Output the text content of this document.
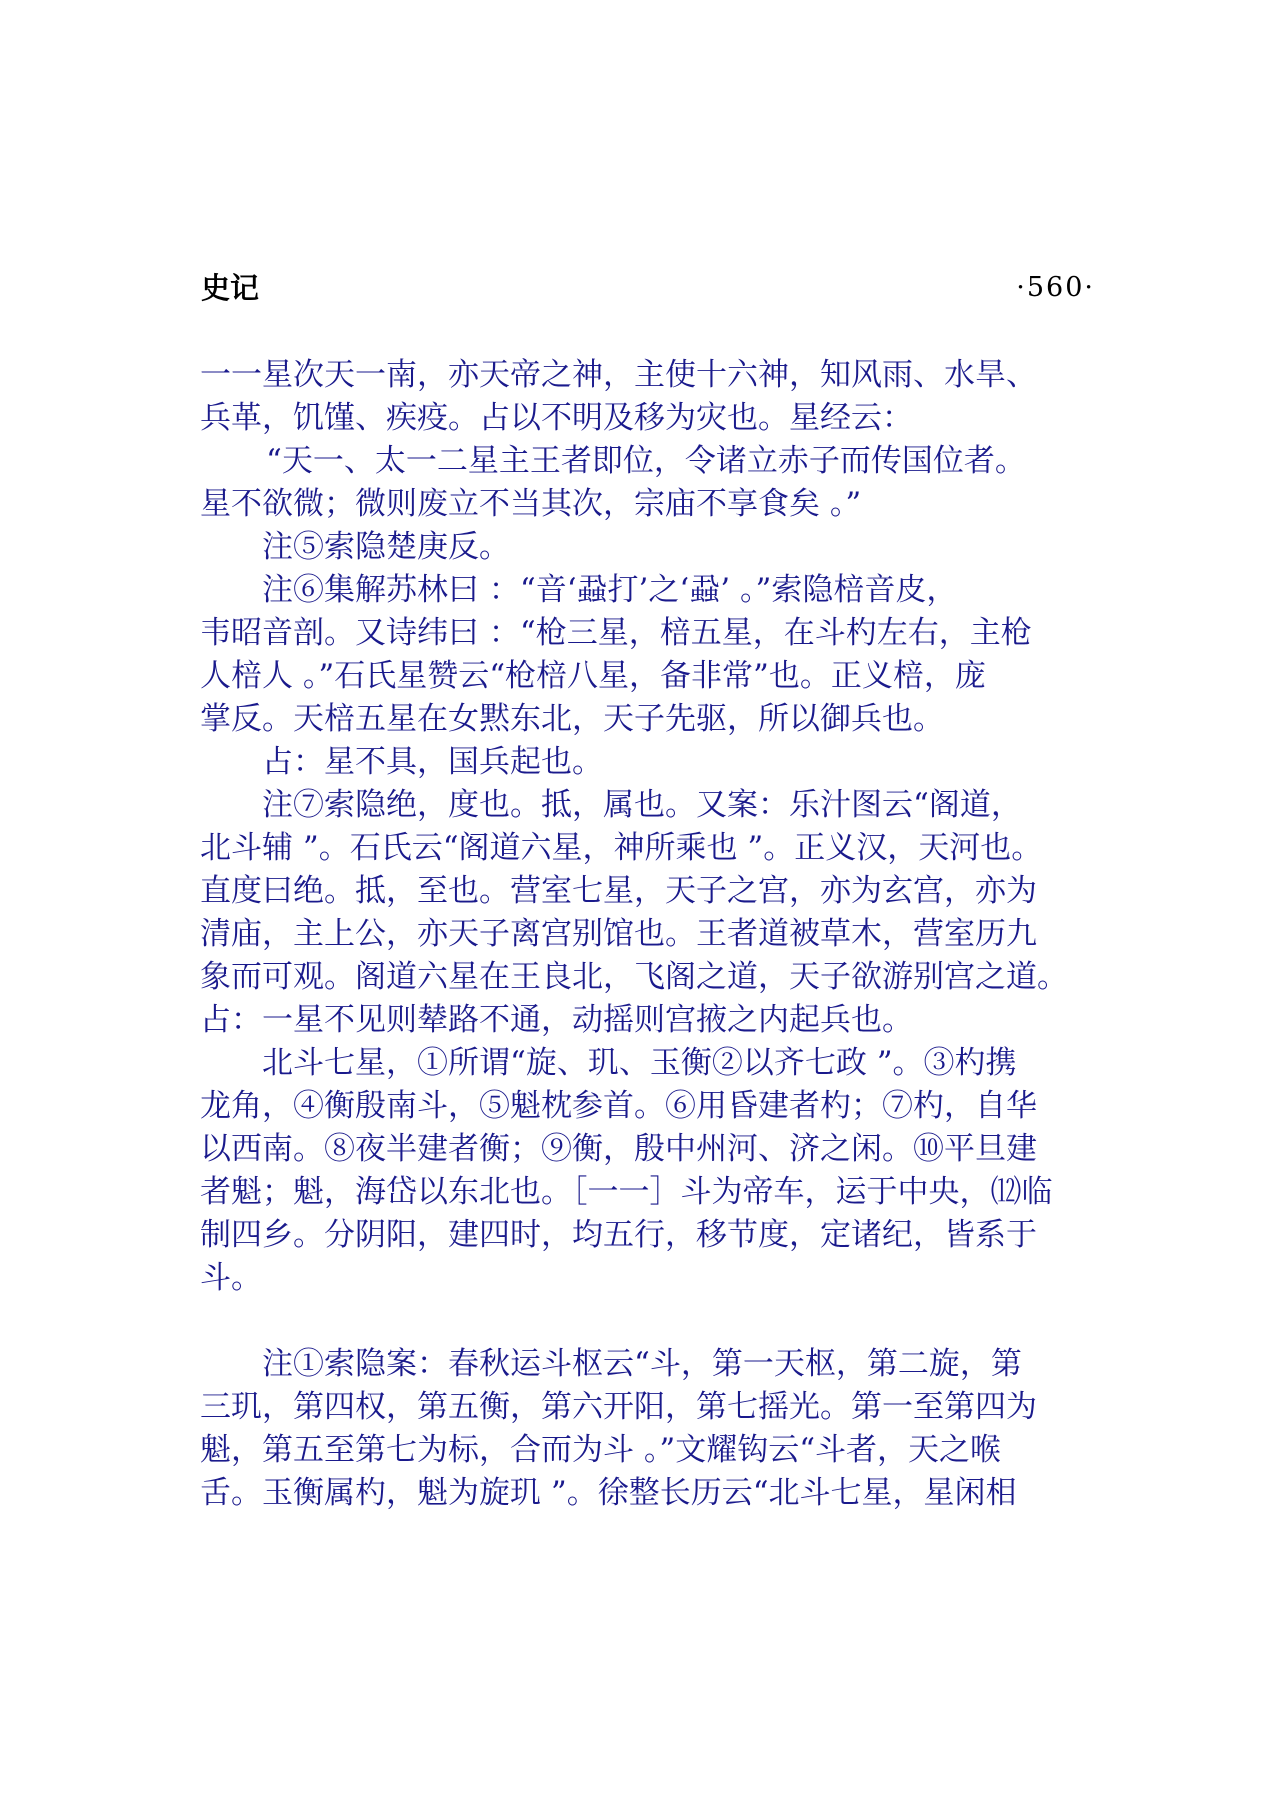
史记	·560·
一一星次天一南，亦天帝之神，主使十六神，知风雨、水旱、
兵革，饥馑、疾疫。占以不明及移为灾也。星经云：
“天一、太一二星主王者即位，令诸立赤子而传国位者。
星不欲微；微则废立不当其次，宗庙不享食矣 。”
注⑤索隐楚庚反。
注⑥集解苏林曰 ：“音‘蝨打’之‘蝨’ 。”索隐棓音皮，
韦昭音剖。又诗纬曰 ：“枪三星，棓五星，在斗杓左右，主枪
人棓人 。”石氏星赞云“枪棓八星，备非常”也。正义棓，庞
掌反。天棓五星在女黙东北，天子先驱，所以御兵也。
占：星不具，国兵起也。
注⑦索隐绝，度也。抵，属也。又案：乐汁图云“阁道，
北斗辅 ”。石氏云“阁道六星，神所乘也 ”。正义汉，天河也。
直度曰绝。抵，至也。营室七星，天子之宫，亦为玄宫，亦为
清庙，主上公，亦天子离宫别馆也。王者道被草木，营室历九
象而可观。阁道六星在王良北，飞阁之道，天子欲游别宫之道。
占：一星不见则辇路不通，动摇则宫掖之内起兵也。
北斗七星，①所谓“旋、玑、玉衡②以齐七政 ”。③杓携
龙角，④衡殷南斗，⑤魁枕参首。⑥用昏建者杓；⑦杓，自华
以西南。⑧夜半建者衡；⑨衡，殷中州河、济之闲。⑩平旦建
者魁；魁，海岱以东北也。［一一］斗为帝车，运于中央，⑿临
制四乡。分阴阳，建四时，均五行，移节度，定诸纪，皆系于
斗。
注①索隐案：春秋运斗枢云“斗，第一天枢，第二旋，第
三玑，第四权，第五衡，第六开阳，第七摇光。第一至第四为
魁，第五至第七为标，合而为斗 。”文耀钩云“斗者，天之喉
舌。玉衡属杓，魁为旋玑 ”。徐整长历云“北斗七星，星闲相
